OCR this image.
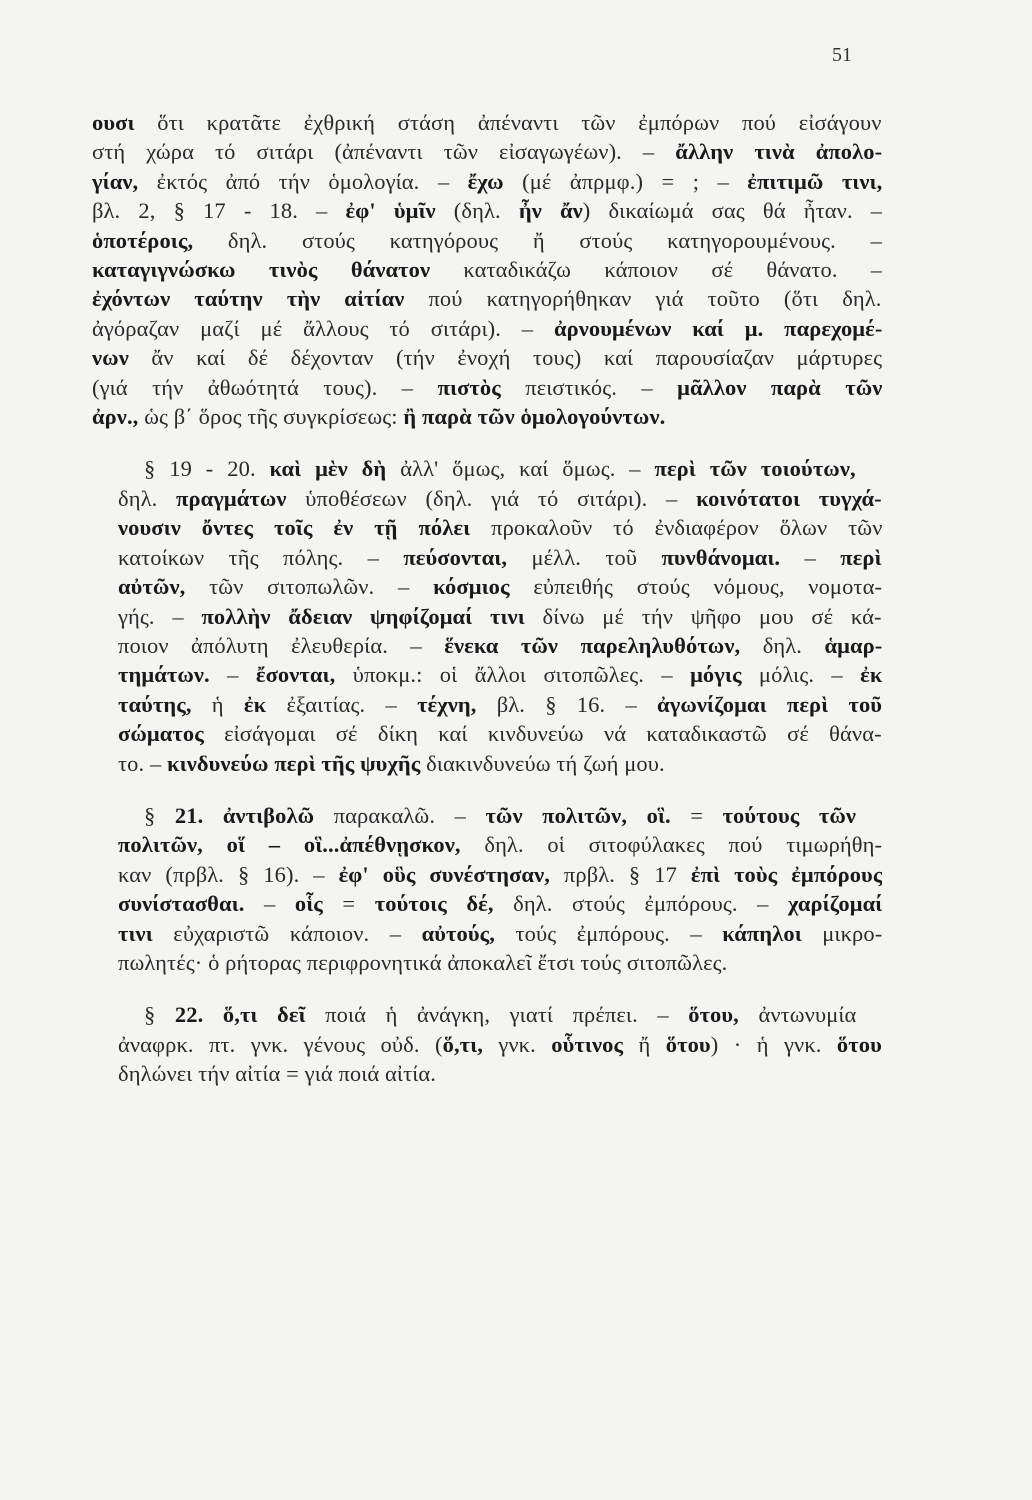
51

ουσι ὅτι κρατᾶτε ἐχθρική στάση ἀπέναντι τῶν ἐμπόρων πού εἰσάγουν
στή χώρα τό σιτάρι (ἀπέναντι τῶν εἰσαγωγέων). – ἄλλην τινὰ ἀπολο-
γίαν, ἐκτός ἀπό τήν ὁμολογία. – ἔχω (μέ ἀπρμφ.) = ; – ἐπιτιμῶ τινι,
βλ. 2, § 17 - 18. – ἐφ' ὑμῖν (δηλ. ἦν ἄν) δικαίωμά σας θά ἦταν. –
ὁποτέροις, δηλ. στούς κατηγόρους ἤ στούς κατηγορουμένους. –
καταγιγνώσκω τινὸς θάνατον καταδικάζω κάποιον σέ θάνατο. –
ἐχόντων ταύτην τὴν αἰτίαν πού κατηγορήθηκαν γιά τοῦτο (ὅτι δηλ.
ἀγόραζαν μαζί μέ ἄλλους τό σιτάρι). – ἀρνουμένων καί μ. παρεχομέ-
νων ἄν καί δέ δέχονταν (τήν ἐνοχή τους) καί παρουσίαζαν μάρτυρες
(γιά τήν ἀθωότητά τους). – πιστὸς πειστικός. – μᾶλλον παρὰ τῶν
ἀρν., ὡς β΄ ὅρος τῆς συγκρίσεως: ἢ παρὰ τῶν ὁμολογούντων.

§ 19 - 20. καὶ μὲν δὴ ἀλλ' ὅμως, καί ὅμως. – περὶ τῶν τοιούτων,
δηλ. πραγμάτων ὑποθέσεων (δηλ. γιά τό σιτάρι). – κοινότατοι τυγχά-
νουσιν ὄντες τοῖς ἐν τῇ πόλει προκαλοῦν τό ἐνδιαφέρον ὅλων τῶν
κατοίκων τῆς πόλης. – πεύσονται, μέλλ. τοῦ πυνθάνομαι. – περὶ
αὐτῶν, τῶν σιτοπωλῶν. – κόσμιος εὐπειθής στούς νόμους, νομοτα-
γής. – πολλὴν ἄδειαν ψηφίζομαί τινι δίνω μέ τήν ψῆφο μου σέ κά-
ποιον ἀπόλυτη ἐλευθερία. – ἕνεκα τῶν παρεληλυθότων, δηλ. ἁμαρ-
τημάτων. – ἔσονται, ὑποκμ.: οἱ ἄλλοι σιτοπῶλες. – μόγις μόλις. – ἐκ
ταύτης, ἡ ἐκ ἐξαιτίας. – τέχνη, βλ. § 16. – ἀγωνίζομαι περὶ τοῦ
σώματος εἰσάγομαι σέ δίκη καί κινδυνεύω νά καταδικαστῶ σέ θάνα-
το. – κινδυνεύω περὶ τῆς ψυχῆς διακινδυνεύω τή ζωή μου.

§ 21. ἀντιβολῶ παρακαλῶ. – τῶν πολιτῶν, οἳ. = τούτους τῶν
πολιτῶν, οἵ – οἳ...ἀπέθνῃσκον, δηλ. οἱ σιτοφύλακες πού τιμωρήθη-
καν (πρβλ. § 16). – ἐφ' οὓς συνέστησαν, πρβλ. § 17 ἐπὶ τοὺς ἐμπόρους
συνίστασθαι. – οἷς = τούτοις δέ, δηλ. στούς ἐμπόρους. – χαρίζομαί
τινι εὐχαριστῶ κάποιον. – αὐτούς, τούς ἐμπόρους. – κάπηλοι μικρο-
πωλητές· ὁ ρήτορας περιφρονητικά ἀποκαλεῖ ἔτσι τούς σιτοπῶλες.

§ 22. ὅ,τι δεῖ ποιά ἡ ἀνάγκη, γιατί πρέπει. – ὅτου, ἀντωνυμία
ἀναφρκ. πτ. γνκ. γένους οὐδ. (ὅ,τι, γνκ. οὗτινος ἤ ὅτου) · ἡ γνκ. ὅτου
δηλώνει τήν αἰτία = γιά ποιά αἰτία.
